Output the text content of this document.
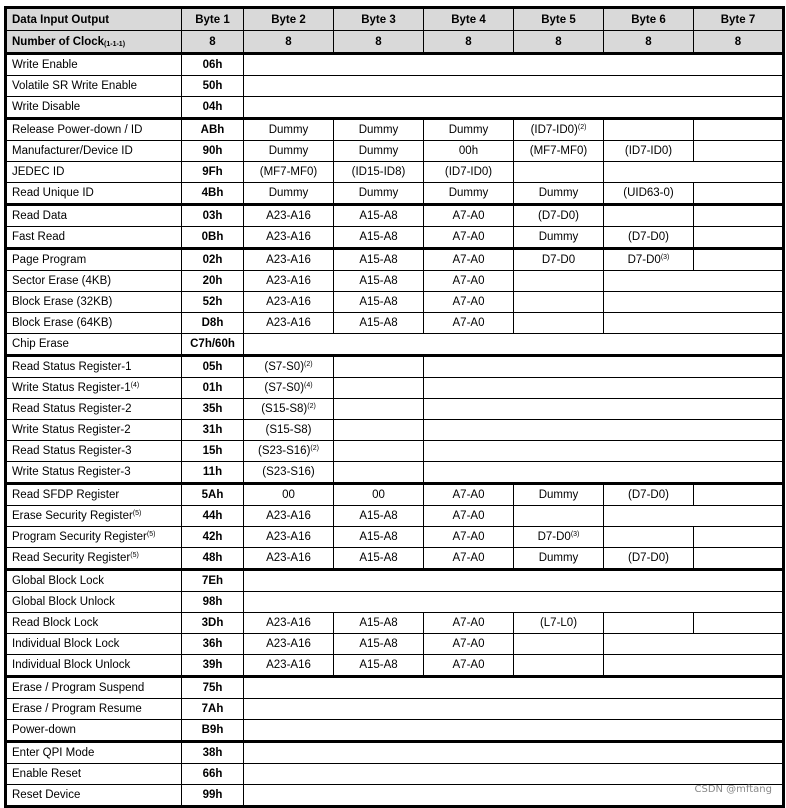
Data Input Output	Byte 1	Byte 2	Byte 3	Byte 4	Byte 5	Byte 6	Byte 7
Number of Clock$_{(1-1-1)}$	8	8	8	8	8	8	8
Write Enable	06h						
Volatile SR Write Enable	50h						
Write Disable	04h						
Release Power-down / ID	ABh	Dummy	Dummy	Dummy	$(ID7-ID0)^{(2)}$		
Manufacturer/Device ID	90h	Dummy	Dummy	00h	(MF7-MF0)	(ID7-ID0)	
JEDEC ID	9Fh	(MF7-MF0)	(ID15-ID8)	(ID7-ID0)			
Read Unique ID	4Bh	Dummy	Dummy	Dummy	Dummy	(UID63-0)	
Read Data	03h	A23-A16	A15-A8	A7-A0	(D7-D0)		
Fast Read	0Bh	A23-A16	A15-A8	A7-A0	Dummy	(D7-D0)	
Page Program	02h	A23-A16	A15-A8	A7-A0	D7-D0	D7-D0$^{(3)}$	
Sector Erase (4KB)	20h	A23-A16	A15-A8	A7-A0			
Block Erase (32KB)	52h	A23-A16	A15-A8	A7-A0			
Block Erase (64KB)	D8h	A23-A16	A15-A8	A7-A0			
Chip Erase	C7h/60h						
Read Status Register-1	05h	$(S7-S0)^{(2)}$		
Write Status Register-1$^{(4)}$	01h	$(S7-S0)^{(4)}$		
Read Status Register-2	35h	$(S15-S8)^{(2)}$		
Write Status Register-2	31h	(S15-S8)					
Read Status Register-3	15h	$(S23-S16)^{(2)}$		
Write Status Register-3	11h	(S23-S16)					
Read SFDP Register	5Ah	00	00	A7-A0	Dummy	(D7-D0)	
Erase Security Register$^{(5)}$	44h	A23-A16	A15-A8	A7-A0			
Program Security Register$^{(5)}$	42h	A23-A16	A15-A8	A7-A0	D7-D0$^{(3)}$		
Read Security Register$^{(5)}$	48h	A23-A16	A15-A8	A7-A0	Dummy	(D7-D0)	
Global Block Lock	7Eh						
Global Block Unlock	98h						
Read Block Lock	3Dh	A23-A16	A15-A8	A7-A0	(L7-L0)		
Individual Block Lock	36h	A23-A16	A15-A8	A7-A0			
Individual Block Unlock	39h	A23-A16	A15-A8	A7-A0			
Erase / Program Suspend	75h						
Erase / Program Resume	7Ah						
Power-down	B9h						
Enter QPI Mode	38h						
Enable Reset	66h						
Reset Device	99h							CSDN @mftang
